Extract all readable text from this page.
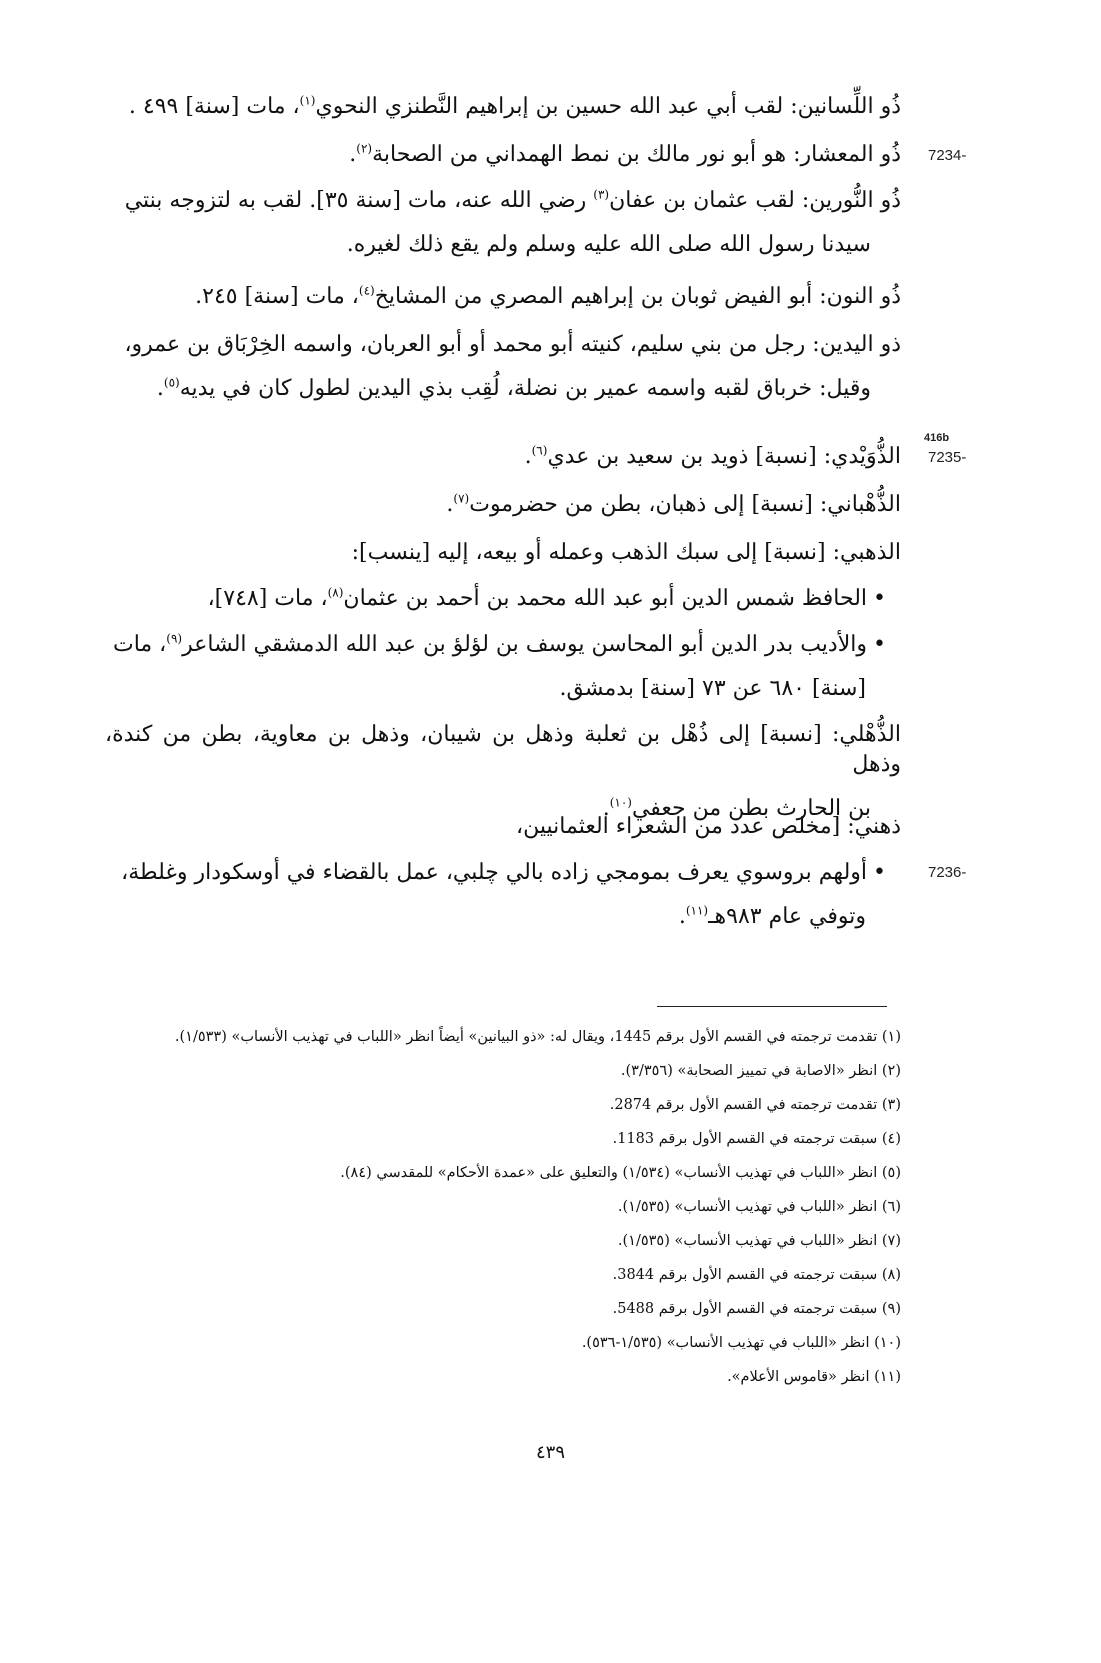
7234-
7235-
7236-
416b
ذُو اللِّسانين: لقب أبي عبد الله حسين بن إبراهيم النَّطنزي النحوي$^{(١)}$، مات [سنة] ٤٩٩ .
ذُو المعشار: هو أبو نور مالك بن نمط الهمداني من الصحابة$^{(٢)}$.
ذُو النُّورين: لقب عثمان بن عفان$^{(٣)}$ رضي الله عنه، مات [سنة ٣٥]. لقب به لتزوجه بنتي
سيدنا رسول الله صلى الله عليه وسلم ولم يقع ذلك لغيره.
ذُو النون: أبو الفيض ثوبان بن إبراهيم المصري من المشايخ$^{(٤)}$، مات [سنة] ٢٤٥.
ذو اليدين: رجل من بني سليم، كنيته أبو محمد أو أبو العربان، واسمه الخِرْبَاق بن عمرو،
وقيل: خرباق لقبه واسمه عمير بن نضلة، لُقِب بذي اليدين لطول كان في يديه$^{(٥)}$.
الذُّوَيْدي: [نسبة] ذويد بن سعيد بن عدي$^{(٦)}$.
الذُّهْباني: [نسبة] إلى ذهبان، بطن من حضرموت$^{(٧)}$.
الذهبي: [نسبة] إلى سبك الذهب وعمله أو بيعه، إليه [ينسب]:
•الحافظ شمس الدين أبو عبد الله محمد بن أحمد بن عثمان$^{(٨)}$، مات [٧٤٨]،
•والأديب بدر الدين أبو المحاسن يوسف بن لؤلؤ بن عبد الله الدمشقي الشاعر$^{(٩)}$، مات
[سنة] ٦٨٠ عن ٧٣ [سنة] بدمشق.
الذُّهْلي: [نسبة] إلى ذُهْل بن ثعلبة وذهل بن شيبان، وذهل بن معاوية، بطن من كندة، وذهل
بن الحارث بطن من جعفي$^{(١٠)}$.
ذهني: [مخلص عدد من الشعراء العثمانيين،
•أولهم بروسوي يعرف بمومجي زاده بالي چلبي، عمل بالقضاء في أوسكودار وغلطة،
وتوفي عام ٩٨٣هـ$^{(١١)}$.
(١) تقدمت ترجمته في القسم الأول برقم 1445، ويقال له: «ذو البيانين» أيضاً انظر «اللباب في تهذيب الأنساب» (١/٥٣٣).
(٢) انظر «الاصابة في تمييز الصحابة» (٣/٣٥٦).
(٣) تقدمت ترجمته في القسم الأول برقم 2874.
(٤) سبقت ترجمته في القسم الأول برقم 1183.
(٥) انظر «اللباب في تهذيب الأنساب» (١/٥٣٤) والتعليق على «عمدة الأحكام» للمقدسي (٨٤).
(٦) انظر «اللباب في تهذيب الأنساب» (١/٥٣٥).
(٧) انظر «اللباب في تهذيب الأنساب» (١/٥٣٥).
(٨) سبقت ترجمته في القسم الأول برقم 3844.
(٩) سبقت ترجمته في القسم الأول برقم 5488.
(١٠) انظر «اللباب في تهذيب الأنساب» (١/٥٣٥-٥٣٦).
(١١) انظر «قاموس الأعلام».
٤٣٩
